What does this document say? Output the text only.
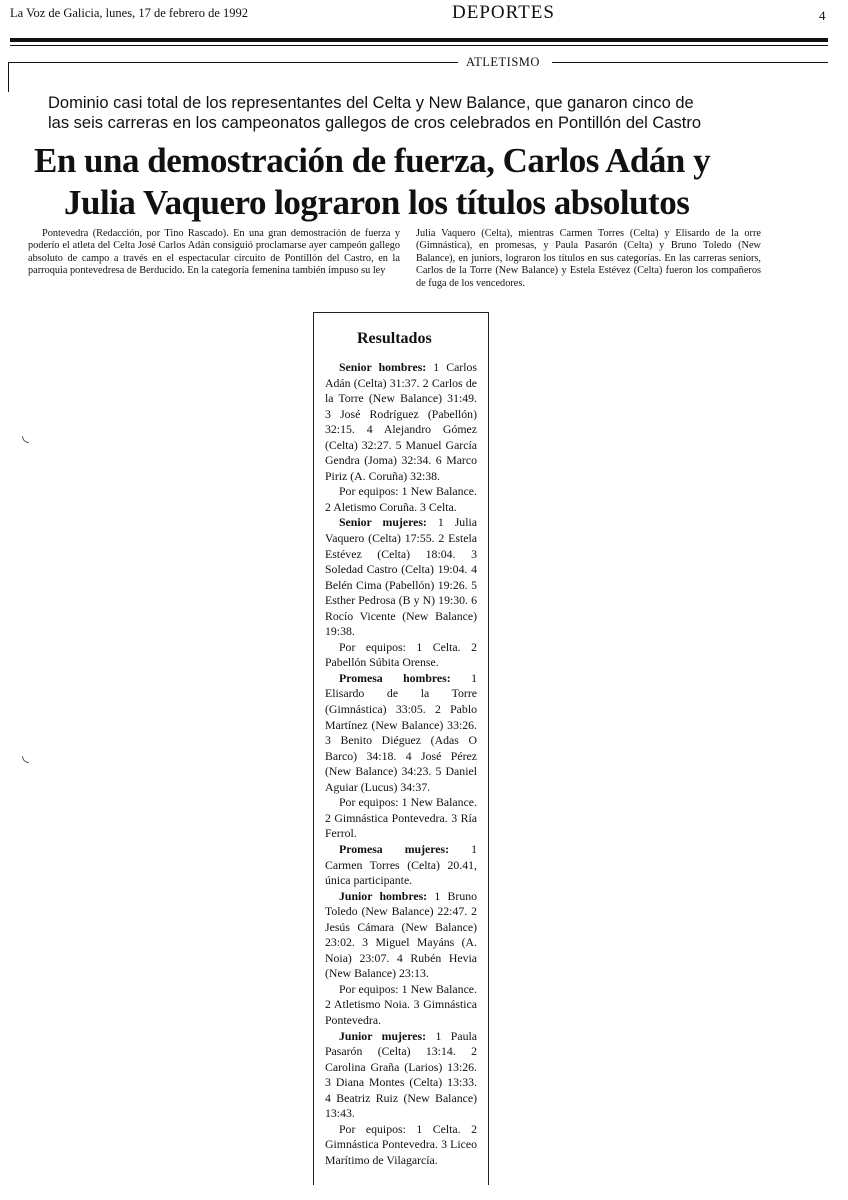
La Voz de Galicia, lunes, 17 de febrero de 1992	DEPORTES	4
ATLETISMO
Dominio casi total de los representantes del Celta y New Balance, que ganaron cinco de
las seis carreras en los campeonatos gallegos de cros celebrados en Pontillón del Castro
En una demostración de fuerza, Carlos Adán y
Julia Vaquero lograron los títulos absolutos
Pontevedra (Redacción, por Tino Rascado). En una gran demostración de fuerza y poderío el atleta del Celta José Carlos Adán consiguió proclamarse ayer campeón gallego absoluto de campo a través en el espectacular circuito de Pontillón del Castro, en la parroquia pontevedresa de Berducido. En la categoría femenina también impuso su ley
Julia Vaquero (Celta), mientras Carmen Torres (Celta) y Elisardo de la orre (Gimnástica), en promesas, y Paula Pasarón (Celta) y Bruno Toledo (New Balance), en juniors, lograron los títulos en sus categorías. En las carreras seniors, Carlos de la Torre (New Balance) y Estela Estévez (Celta) fueron los compañeros de fuga de los vencedores.
Resultados

Senior hombres: 1 Carlos Adán (Celta) 31:37. 2 Carlos de la Torre (New Balance) 31:49. 3 José Rodríguez (Pabellón) 32:15. 4 Alejandro Gómez (Celta) 32:27. 5 Manuel García Gendra (Joma) 32:34. 6 Marco Piriz (A. Coruña) 32:38.

Por equipos: 1 New Balance. 2 Aletismo Coruña. 3 Celta.

Senior mujeres: 1 Julia Vaquero (Celta) 17:55. 2 Estela Estévez (Celta) 18:04. 3 Soledad Castro (Celta) 19:04. 4 Belén Cima (Pabellón) 19:26. 5 Esther Pedrosa (B y N) 19:30. 6 Rocío Vicente (New Balance) 19:38.

Por equipos: 1 Celta. 2 Pabellón Súbita Orense.

Promesa hombres: 1 Elisardo de la Torre (Gimnástica) 33:05. 2 Pablo Martínez (New Balance) 33:26. 3 Benito Diéguez (Adas O Barco) 34:18. 4 José Pérez (New Balance) 34:23. 5 Daniel Aguiar (Lucus) 34:37.

Por equipos: 1 New Balance. 2 Gimnástica Pontevedra. 3 Ría Ferrol.

Promesa mujeres: 1 Carmen Torres (Celta) 20.41, única participante.

Junior hombres: 1 Bruno Toledo (New Balance) 22:47. 2 Jesús Cámara (New Balance) 23:02. 3 Miguel Mayáns (A. Noia) 23:07. 4 Rubén Hevia (New Balance) 23:13.

Por equipos: 1 New Balance. 2 Atletismo Noia. 3 Gimnástica Pontevedra.

Junior mujeres: 1 Paula Pasarón (Celta) 13:14. 2 Carolina Graña (Larios) 13:26. 3 Diana Montes (Celta) 13:33. 4 Beatriz Ruiz (New Balance) 13:43.

Por equipos: 1 Celta. 2 Gimnástica Pontevedra. 3 Liceo Marítimo de Vilagarcía.

◟
◟
